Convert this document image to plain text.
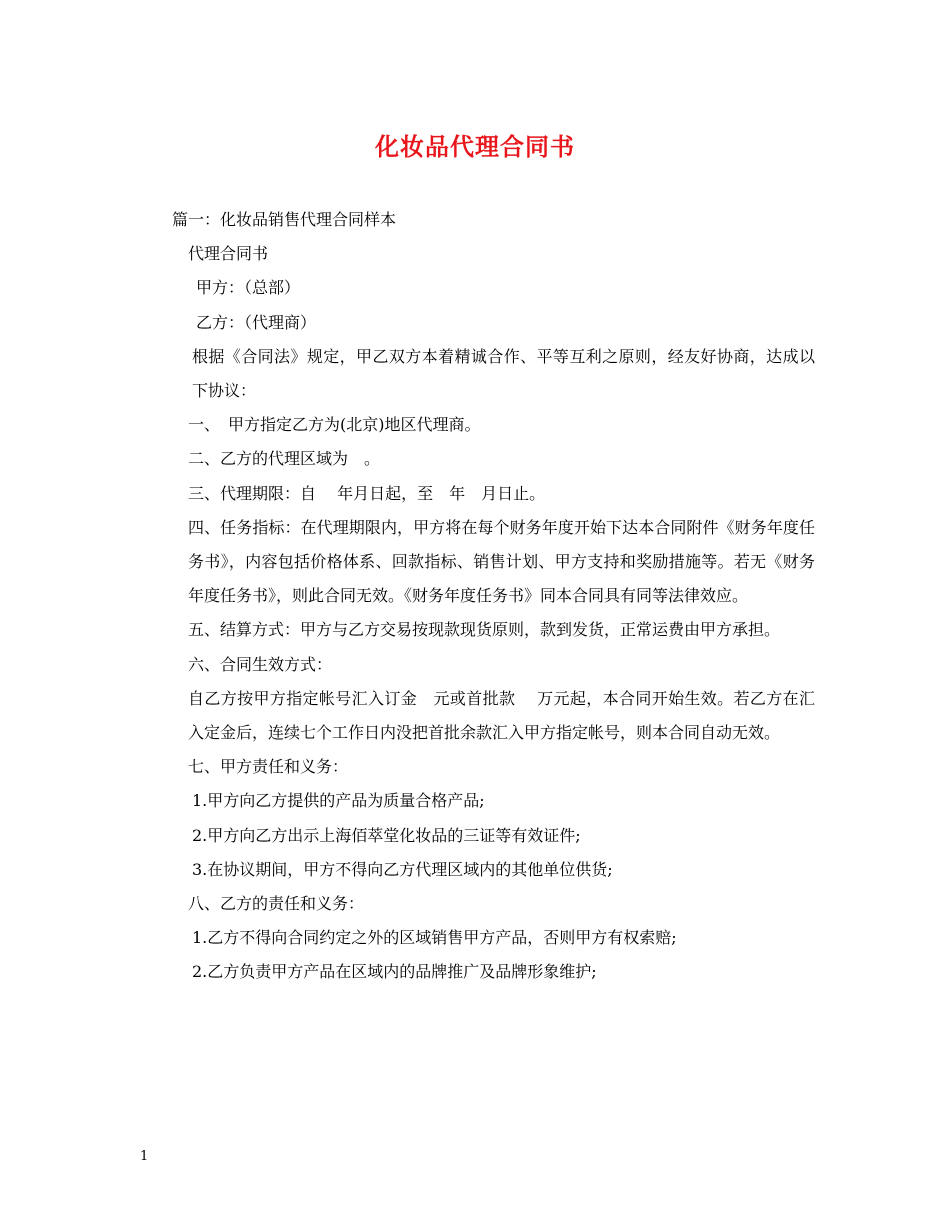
化妆品代理合同书
篇一：化妆品销售代理合同样本
代理合同书
甲方：（总部）
乙方：（代理商）
根据《合同法》规定，甲乙双方本着精诚合作、平等互利之原则，经友好协商，达成以下协议：
一、　甲方指定乙方为(北京)地区代理商。
二、乙方的代理区域为　。
三、代理期限：自　 年月日起，至　年　月日止。
四、任务指标：在代理期限内，甲方将在每个财务年度开始下达本合同附件《财务年度任务书》，内容包括价格体系、回款指标、销售计划、甲方支持和奖励措施等。若无《财务年度任务书》，则此合同无效。《财务年度任务书》同本合同具有同等法律效应。
五、结算方式：甲方与乙方交易按现款现货原则，款到发货，正常运费由甲方承担。
六、合同生效方式：
自乙方按甲方指定帐号汇入订金　元或首批款　 万元起，本合同开始生效。若乙方在汇入定金后，连续七个工作日内没把首批余款汇入甲方指定帐号，则本合同自动无效。
七、甲方责任和义务：
1.甲方向乙方提供的产品为质量合格产品;
2.甲方向乙方出示上海佰萃堂化妆品的三证等有效证件;
3.在协议期间，甲方不得向乙方代理区域内的其他单位供货;
八、乙方的责任和义务：
1.乙方不得向合同约定之外的区域销售甲方产品，否则甲方有权索赔;
2.乙方负责甲方产品在区域内的品牌推广及品牌形象维护;
1
